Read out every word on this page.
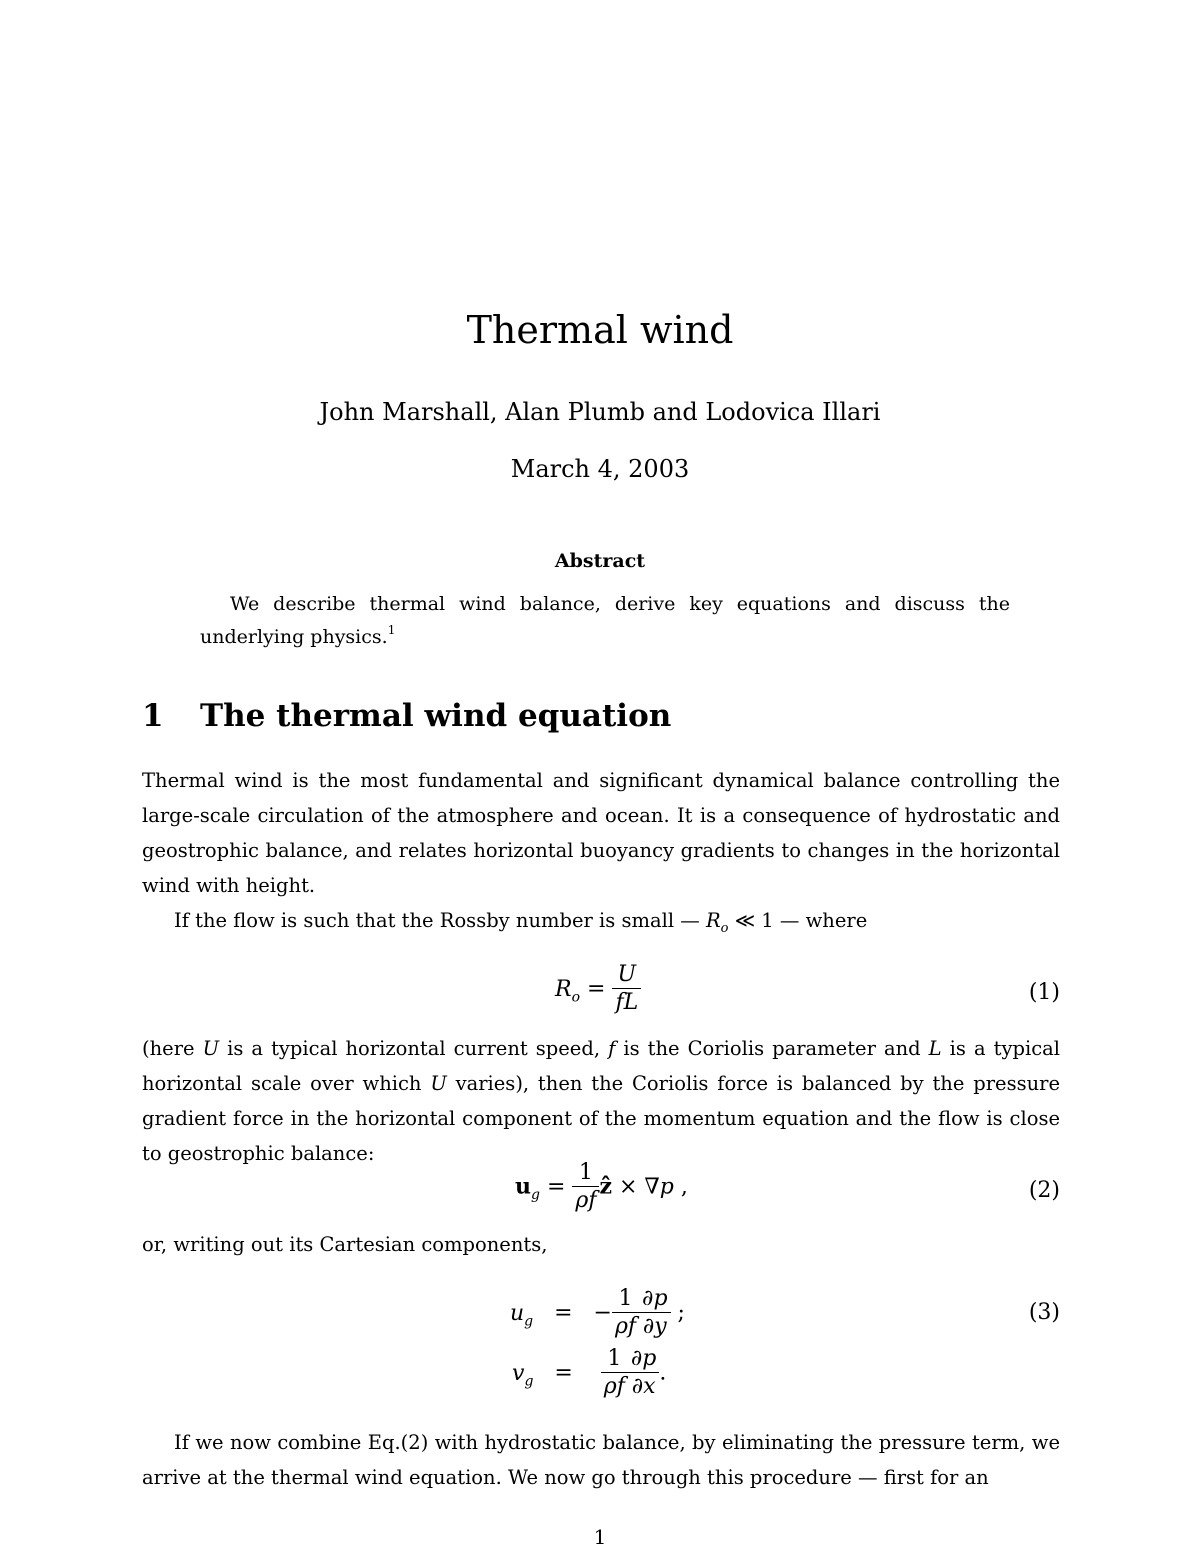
Thermal wind
John Marshall, Alan Plumb and Lodovica Illari
March 4, 2003
Abstract
We describe thermal wind balance, derive key equations and discuss the underlying physics.$^1$
1 The thermal wind equation
Thermal wind is the most fundamental and significant dynamical balance controlling the large-scale circulation of the atmosphere and ocean. It is a consequence of hydrostatic and geostrophic balance, and relates horizontal buoyancy gradients to changes in the horizontal wind with height.
If the flow is such that the Rossby number is small — $R_o$ ≪ 1 — where
$R_o = \frac{U}{fL}$	(1)
(here U is a typical horizontal current speed, f is the Coriolis parameter and L is a typical horizontal scale over which U varies), then the Coriolis force is balanced by the pressure gradient force in the horizontal component of the momentum equation and the flow is close to geostrophic balance:
$u_g = \frac{1}{\rho f}$ ẑ × ∇p ,	(2)
or, writing out its Cartesian components,
$u_g$   =   − $\frac{1}{\rho f} \frac{\partial p}{\partial y}$ ;	(3)
$v_g = \frac{1}{\rho f} \frac{\partial p}{\partial x}$ .
If we now combine Eq.(2) with hydrostatic balance, by eliminating the pressure term, we arrive at the thermal wind equation. We now go through this procedure — first for an
1
